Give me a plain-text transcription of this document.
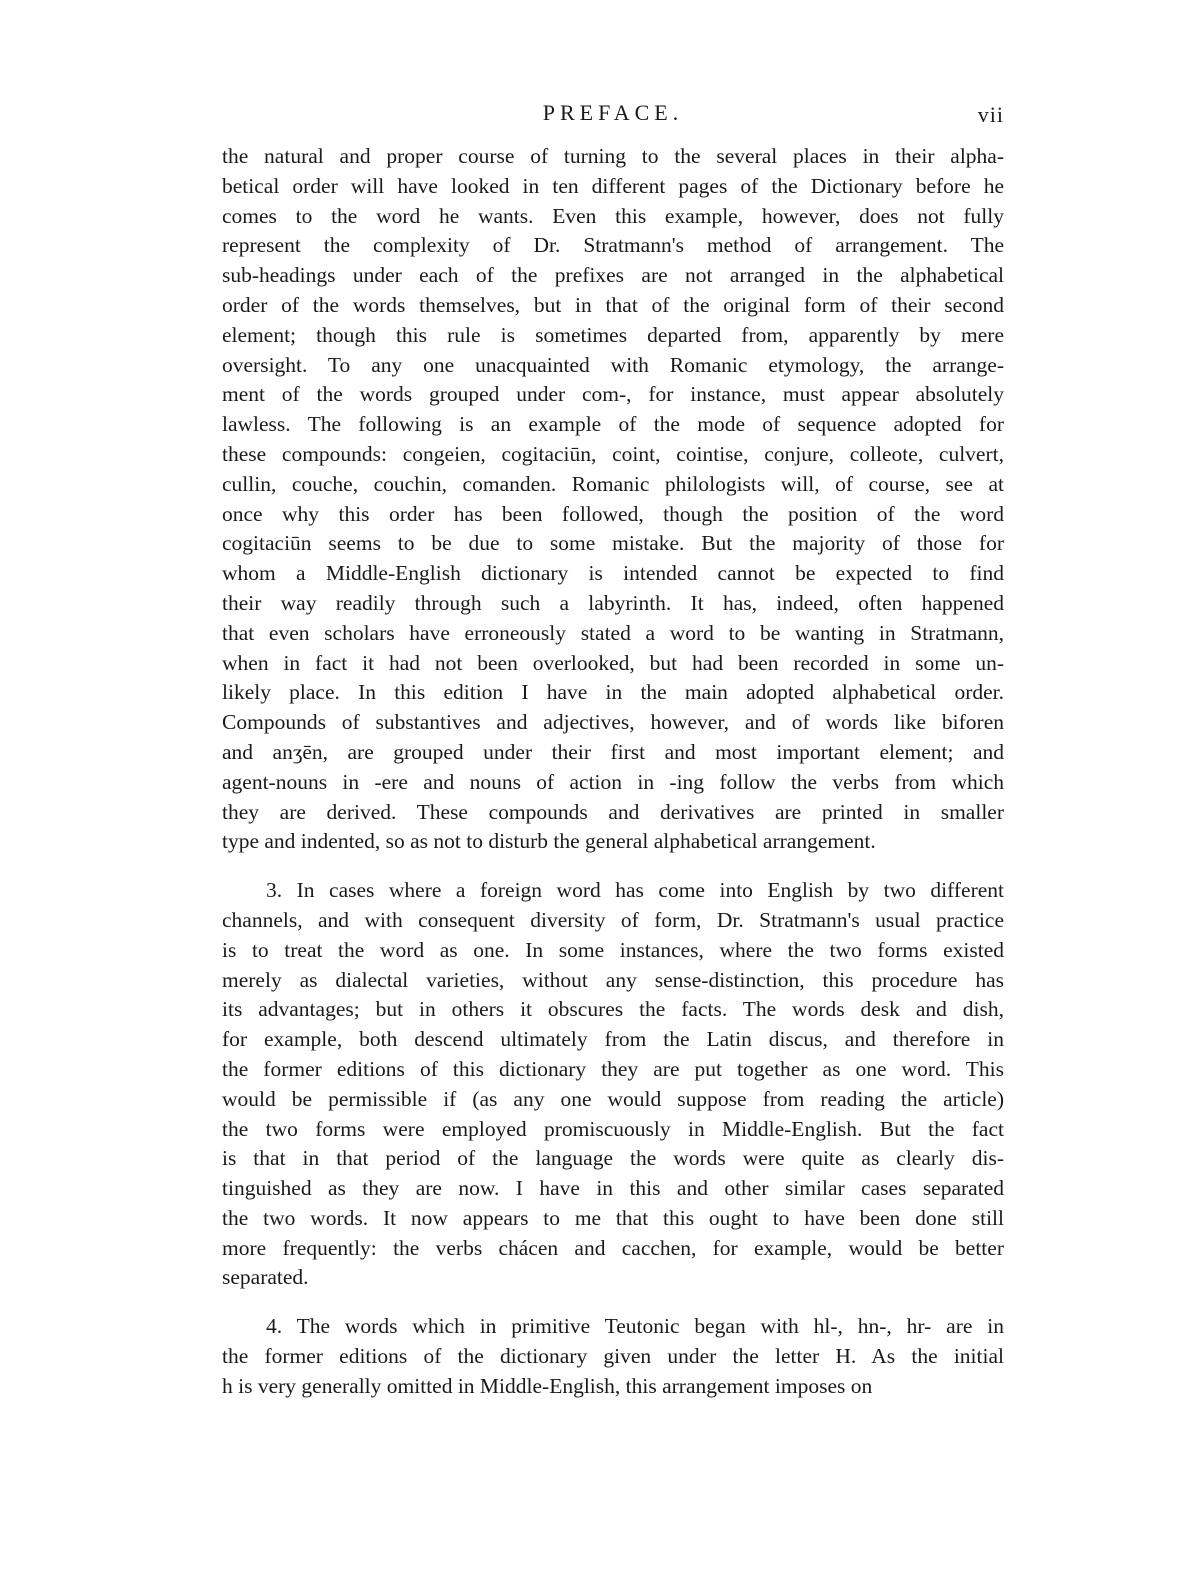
PREFACE.	vii
the natural and proper course of turning to the several places in their alpha-
betical order will have looked in ten different pages of the Dictionary before he
comes to the word he wants. Even this example, however, does not fully
represent the complexity of Dr. Stratmann's method of arrangement. The
sub-headings under each of the prefixes are not arranged in the alphabetical
order of the words themselves, but in that of the original form of their second
element; though this rule is sometimes departed from, apparently by mere
oversight. To any one unacquainted with Romanic etymology, the arrange-
ment of the words grouped under com-, for instance, must appear absolutely
lawless. The following is an example of the mode of sequence adopted for
these compounds: congeien, cogitaciūn, coint, cointise, conjure, colleote, culvert,
cullin, couche, couchin, comanden. Romanic philologists will, of course, see at
once why this order has been followed, though the position of the word
cogitaciūn seems to be due to some mistake. But the majority of those for
whom a Middle-English dictionary is intended cannot be expected to find
their way readily through such a labyrinth. It has, indeed, often happened
that even scholars have erroneously stated a word to be wanting in Stratmann,
when in fact it had not been overlooked, but had been recorded in some un-
likely place. In this edition I have in the main adopted alphabetical order.
Compounds of substantives and adjectives, however, and of words like biforen
and anʒēn, are grouped under their first and most important element; and
agent-nouns in -ere and nouns of action in -ing follow the verbs from which
they are derived. These compounds and derivatives are printed in smaller
type and indented, so as not to disturb the general alphabetical arrangement.
3. In cases where a foreign word has come into English by two different
channels, and with consequent diversity of form, Dr. Stratmann's usual practice
is to treat the word as one. In some instances, where the two forms existed
merely as dialectal varieties, without any sense-distinction, this procedure has
its advantages; but in others it obscures the facts. The words desk and dish,
for example, both descend ultimately from the Latin discus, and therefore in
the former editions of this dictionary they are put together as one word. This
would be permissible if (as any one would suppose from reading the article)
the two forms were employed promiscuously in Middle-English. But the fact
is that in that period of the language the words were quite as clearly dis-
tinguished as they are now. I have in this and other similar cases separated
the two words. It now appears to me that this ought to have been done still
more frequently: the verbs chácen and cacchen, for example, would be better
separated.
4. The words which in primitive Teutonic began with hl-, hn-, hr- are in
the former editions of the dictionary given under the letter H. As the initial
h is very generally omitted in Middle-English, this arrangement imposes on
